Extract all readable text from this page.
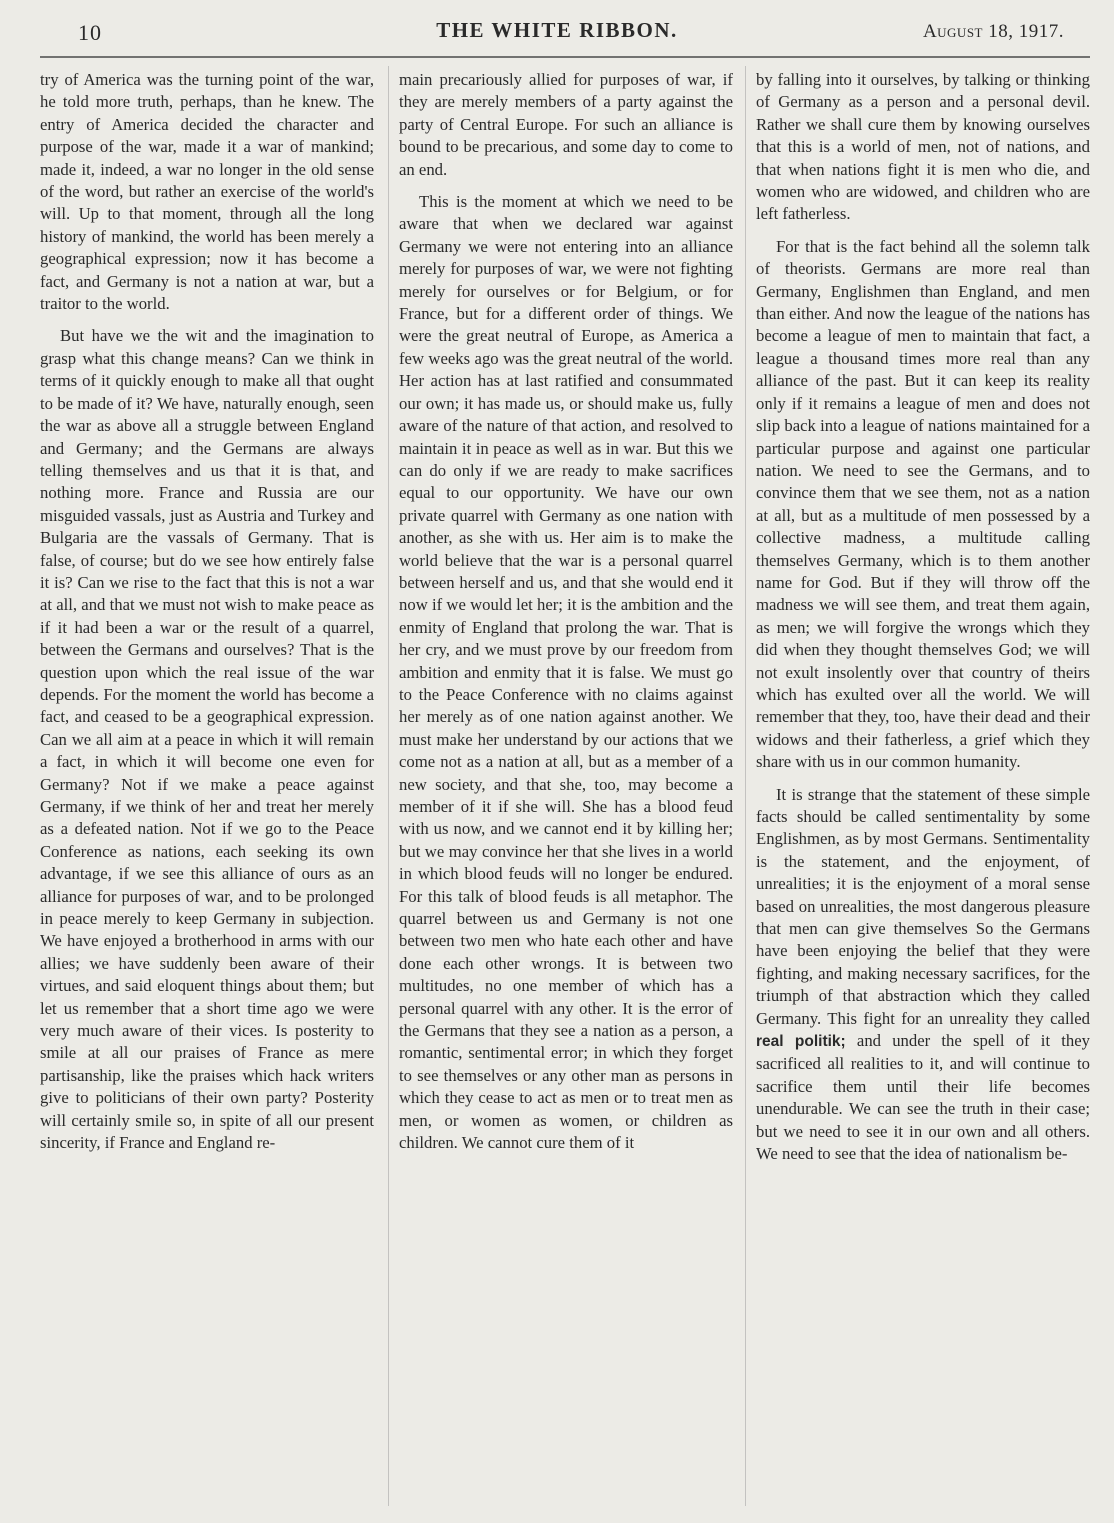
10	THE WHITE RIBBON.	August 18, 1917.

try of America was the turning point of the war, he told more truth, perhaps, than he knew. The entry of America decided the character and purpose of the war, made it a war of mankind; made it, indeed, a war no longer in the old sense of the word, but rather an exercise of the world's will. Up to that moment, through all the long history of mankind, the world has been merely a geographical expression; now it has become a fact, and Germany is not a nation at war, but a traitor to the world.

But have we the wit and the imagination to grasp what this change means? Can we think in terms of it quickly enough to make all that ought to be made of it? We have, naturally enough, seen the war as above all a struggle between England and Germany; and the Germans are always telling themselves and us that it is that, and nothing more. France and Russia are our misguided vassals, just as Austria and Turkey and Bulgaria are the vassals of Germany. That is false, of course; but do we see how entirely false it is? Can we rise to the fact that this is not a war at all, and that we must not wish to make peace as if it had been a war or the result of a quarrel, between the Germans and ourselves? That is the question upon which the real issue of the war depends. For the moment the world has become a fact, and ceased to be a geographical expression. Can we all aim at a peace in which it will remain a fact, in which it will become one even for Germany? Not if we make a peace against Germany, if we think of her and treat her merely as a defeated nation. Not if we go to the Peace Conference as nations, each seeking its own advantage, if we see this alliance of ours as an alliance for purposes of war, and to be prolonged in peace merely to keep Germany in subjection. We have enjoyed a brotherhood in arms with our allies; we have suddenly been aware of their virtues, and said eloquent things about them; but let us remember that a short time ago we were very much aware of their vices. Is posterity to smile at all our praises of France as mere partisanship, like the praises which hack writers give to politicians of their own party? Posterity will certainly smile so, in spite of all our present sincerity, if France and England re-

main precariously allied for purposes of war, if they are merely members of a party against the party of Central Europe. For such an alliance is bound to be precarious, and some day to come to an end.

This is the moment at which we need to be aware that when we declared war against Germany we were not entering into an alliance merely for purposes of war, we were not fighting merely for ourselves or for Belgium, or for France, but for a different order of things. We were the great neutral of Europe, as America a few weeks ago was the great neutral of the world. Her action has at last ratified and consummated our own; it has made us, or should make us, fully aware of the nature of that action, and resolved to maintain it in peace as well as in war. But this we can do only if we are ready to make sacrifices equal to our opportunity. We have our own private quarrel with Germany as one nation with another, as she with us. Her aim is to make the world believe that the war is a personal quarrel between herself and us, and that she would end it now if we would let her; it is the ambition and the enmity of England that prolong the war. That is her cry, and we must prove by our freedom from ambition and enmity that it is false. We must go to the Peace Conference with no claims against her merely as of one nation against another. We must make her understand by our actions that we come not as a nation at all, but as a member of a new society, and that she, too, may become a member of it if she will. She has a blood feud with us now, and we cannot end it by killing her; but we may convince her that she lives in a world in which blood feuds will no longer be endured. For this talk of blood feuds is all metaphor. The quarrel between us and Germany is not one between two men who hate each other and have done each other wrongs. It is between two multitudes, no one member of which has a personal quarrel with any other. It is the error of the Germans that they see a nation as a person, a romantic, sentimental error; in which they forget to see themselves or any other man as persons in which they cease to act as men or to treat men as men, or women as women, or children as children. We cannot cure them of it

by falling into it ourselves, by talking or thinking of Germany as a person and a personal devil. Rather we shall cure them by knowing ourselves that this is a world of men, not of nations, and that when nations fight it is men who die, and women who are widowed, and children who are left fatherless.

For that is the fact behind all the solemn talk of theorists. Germans are more real than Germany, Englishmen than England, and men than either. And now the league of the nations has become a league of men to maintain that fact, a league a thousand times more real than any alliance of the past. But it can keep its reality only if it remains a league of men and does not slip back into a league of nations maintained for a particular purpose and against one particular nation. We need to see the Germans, and to convince them that we see them, not as a nation at all, but as a multitude of men possessed by a collective madness, a multitude calling themselves Germany, which is to them another name for God. But if they will throw off the madness we will see them, and treat them again, as men; we will forgive the wrongs which they did when they thought themselves God; we will not exult insolently over that country of theirs which has exulted over all the world. We will remember that they, too, have their dead and their widows and their fatherless, a grief which they share with us in our common humanity.

It is strange that the statement of these simple facts should be called sentimentality by some Englishmen, as by most Germans. Sentimentality is the statement, and the enjoyment, of unrealities; it is the enjoyment of a moral sense based on unrealities, the most dangerous pleasure that men can give themselves So the Germans have been enjoying the belief that they were fighting, and making necessary sacrifices, for the triumph of that abstraction which they called Germany. This fight for an unreality they called real politik; and under the spell of it they sacrificed all realities to it, and will continue to sacrifice them until their life becomes unendurable. We can see the truth in their case; but we need to see it in our own and all others. We need to see that the idea of nationalism be-
